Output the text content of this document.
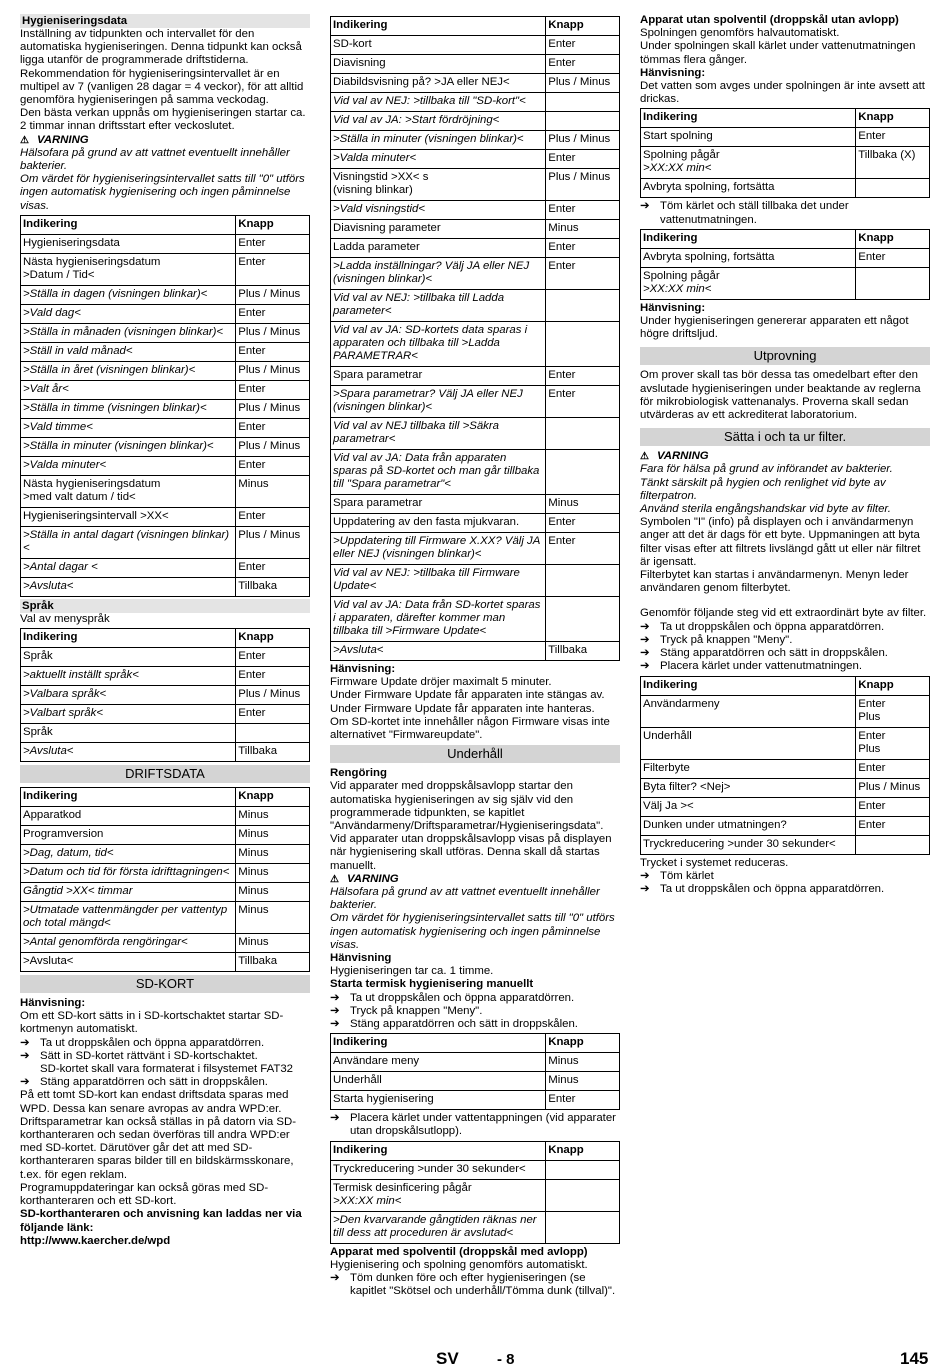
Hygieniseringsdata

Inställning av tidpunkten och intervallet för den automatiska hygieniseringen. Denna tidpunkt kan också ligga utanför de programmerade driftstiderna. Rekommendation för hygieniseringsintervallet är en multipel av 7 (vanligen 28 dagar = 4 veckor), för att alltid genomföra hygieniseringen på samma veckodag.

Den bästa verkan uppnås om hygieniseringen startar ca. 2 timmar innan driftsstart efter veckoslutet.

⚠ VARNING

Hälsofara på grund av att vattnet eventuellt innehåller bakterier.

Om värdet för hygieniseringsintervallet satts till "0" utförs ingen automatisk hygienisering och ingen påminnelse visas.

Indikering	Knapp
Hygieniseringsdata	Enter
Nästa hygieniseringsdatum
>Datum / Tid<	Enter
>Ställa in dagen (visningen blinkar)<	Plus / Minus
>Vald dag<	Enter
>Ställa in månaden (visningen blinkar)<	Plus / Minus
>Ställ in vald månad<	Enter
>Ställa in året (visningen blinkar)<	Plus / Minus
>Valt år<	Enter
>Ställa in timme (visningen blinkar)<	Plus / Minus
>Vald timme<	Enter
>Ställa in minuter (visningen blinkar)<	Plus / Minus
>Valda minuter<	Enter
Nästa hygieniseringsdatum
>med valt datum / tid<	Minus
Hygieniseringsintervall >XX<	Enter
>Ställa in antal dagart (visningen blinkar)<	Plus / Minus
>Antal dagar <	Enter
>Avsluta<	Tillbaka
Språk

Val av menyspråk

Indikering	Knapp
Språk	Enter
>aktuellt inställt språk<	Enter
>Valbara språk<	Plus / Minus
>Valbart språk<	Enter
Språk	
>Avsluta<	Tillbaka
DRIFTSDATA
Indikering	Knapp
Apparatkod	Minus
Programversion	Minus
>Dag, datum, tid<	Minus
>Datum och tid för första idrifttagningen<	Minus
Gångtid >XX< timmar	Minus
>Utmatade vattenmängder per vattentyp och total mängd<	Minus
>Antal genomförda rengöringar<	Minus
>Avsluta<	Tillbaka
SD-KORT
Hänvisning:

Om ett SD-kort sätts in i SD-kortschaktet startar SD-kortmenyn automatiskt.

➔ Ta ut droppskålen och öppna apparatdörren.
➔ Sätt in SD-kortet rättvänt i SD-kortschaktet.
SD-kortet skall vara formaterat i filsystemet FAT32
➔ Stäng apparatdörren och sätt in droppskålen.

På ett tomt SD-kort kan endast driftsdata sparas med WPD. Dessa kan senare avropas av andra WPD:er.

Driftsparametrar kan också ställas in på datorn via SD-korthanteraren och sedan överföras till andra WPD:er med SD-kortet. Därutöver går det att med SD-korthanteraren sparas bilder till en bildskärmsskonare, t.ex. för egen reklam.

Programuppdateringar kan också göras med SD-korthanteraren och ett SD-kort.

SD-korthanteraren och anvisning kan laddas ner via följande länk:

http://www.kaercher.de/wpd

Indikering	Knapp
SD-kort	Enter
Diavisning	Enter
Diabildsvisning på? >JA eller NEJ<	Plus / Minus
Vid val av NEJ: >tillbaka till "SD-kort"<	
Vid val av JA: >Start fördröjning<	
>Ställa in minuter (visningen blinkar)<	Plus / Minus
>Valda minuter<	Enter
Visningstid >XX< s
(visning blinkar)	Plus / Minus
>Vald visningstid<	Enter
Diavisning parameter	Minus
Ladda parameter	Enter
>Ladda inställningar? Välj JA eller NEJ (visningen blinkar)<	Enter
Vid val av NEJ: >tillbaka till Ladda parameter<	
Vid val av JA: SD-kortets data sparas i apparaten och tillbaka till >Ladda PARAMETRAR<	
Spara parametrar	Enter
>Spara parametrar? Välj JA eller NEJ (visningen blinkar)<	Enter
Vid val av NEJ tillbaka till >Säkra parametrar<	
Vid val av JA: Data från apparaten sparas på SD-kortet och man går tillbaka till "Spara parametrar"<	
Spara parametrar	Minus
Uppdatering av den fasta mjukvaran.	Enter
>Uppdatering till Firmware X.XX? Välj JA eller NEJ (visningen blinkar)<	Enter
Vid val av NEJ: >tillbaka till Firmware Update<	
Vid val av JA: Data från SD-kortet sparas i apparaten, därefter kommer man tillbaka till >Firmware Update<	
>Avsluta<	Tillbaka
Hänvisning:

Firmware Update dröjer maximalt 5 minuter.

Under Firmware Update får apparaten inte stängas av.

Under Firmware Update får apparaten inte hanteras.

Om SD-kortet inte innehåller någon Firmware visas inte alternativet "Firmwareupdate".

Underhåll
Rengöring

Vid apparater med droppskålsavlopp startar den automatiska hygieniseringen av sig själv vid den programmerade tidpunkten, se kapitlet "Användarmeny/Driftsparametrar/Hygieniseringsdata".

Vid apparater utan droppskålsavlopp visas på displayen när hygienisering skall utföras. Denna skall då startas manuellt.

⚠ VARNING

Hälsofara på grund av att vattnet eventuellt innehåller bakterier.

Om värdet för hygieniseringsintervallet satts till "0" utförs ingen automatisk hygienisering och ingen påminnelse visas.

Hänvisning

Hygieniseringen tar ca. 1 timme.

Starta termisk hygienisering manuellt
➔ Ta ut droppskålen och öppna apparatdörren.
➔ Tryck på knappen "Meny".
➔ Stäng apparatdörren och sätt in droppskålen.
Indikering	Knapp
Användare meny	Minus
Underhåll	Minus
Starta hygienisering	Enter
➔ Placera kärlet under vattentappningen (vid apparater utan dropskålsutlopp).
Indikering	Knapp
Tryckreducering >under 30 sekunder<	
Termisk desinficering pågår
>XX:XX min<	
>Den kvarvarande gångtiden räknas ner till dess att proceduren är avslutad<	
Apparat med spolventil (droppskål med avlopp)

Hygienisering och spolning genomförs automatiskt.

➔ Töm dunken före och efter hygieniseringen (se kapitlet "Skötsel och underhåll/Tömma dunk (tillval)".
Apparat utan spolventil (droppskål utan avlopp)

Spolningen genomförs halvautomatiskt.

Under spolningen skall kärlet under vattenutmatningen tömmas flera gånger.

Hänvisning:

Det vatten som avges under spolningen är inte avsett att drickas.

Indikering	Knapp
Start spolning	Enter
Spolning pågår
>XX:XX min<	Tillbaka (X)
Avbryta spolning, fortsätta	
➔ Töm kärlet och ställ tillbaka det under vattenutmatningen.
Indikering	Knapp
Avbryta spolning, fortsätta	Enter
Spolning pågår
>XX:XX min<	
Hänvisning:

Under hygieniseringen genererar apparaten ett något högre driftsljud.

Utprovning

Om prover skall tas bör dessa tas omedelbart efter den avslutade hygieniseringen under beaktande av reglerna för mikrobiologisk vattenanalys. Proverna skall sedan utvärderas av ett ackrediterat laboratorium.

Sätta i och ta ur filter.
⚠ VARNING

Fara för hälsa på grund av införandet av bakterier.

Tänkt särskilt på hygien och renlighet vid byte av filterpatron.

Använd sterila engångshandskar vid byte av filter.

Symbolen "I" (info) på displayen och i användarmenyn anger att det är dags för ett byte. Uppmaningen att byta filter visas efter att filtrets livslängd gått ut eller när filtret är igensatt.

Filterbytet kan startas i användarmenyn. Menyn leder användaren genom filterbytet.

Genomför följande steg vid ett extraordinärt byte av filter.

➔ Ta ut droppskålen och öppna apparatdörren.
➔ Tryck på knappen "Meny".
➔ Stäng apparatdörren och sätt in droppskålen.
➔ Placera kärlet under vattenutmatningen.
Indikering	Knapp
Användarmeny	Enter
Plus
Underhåll	Enter
Plus
Filterbyte	Enter
Byta filter? <Nej>	Plus / Minus
Välj Ja ><	Enter
Dunken under utmatningen?	Enter
Tryckreducering >under 30 sekunder<	

Trycket i systemet reduceras.

➔ Töm kärlet
➔ Ta ut droppskålen och öppna apparatdörren.
SV	- 8	145
